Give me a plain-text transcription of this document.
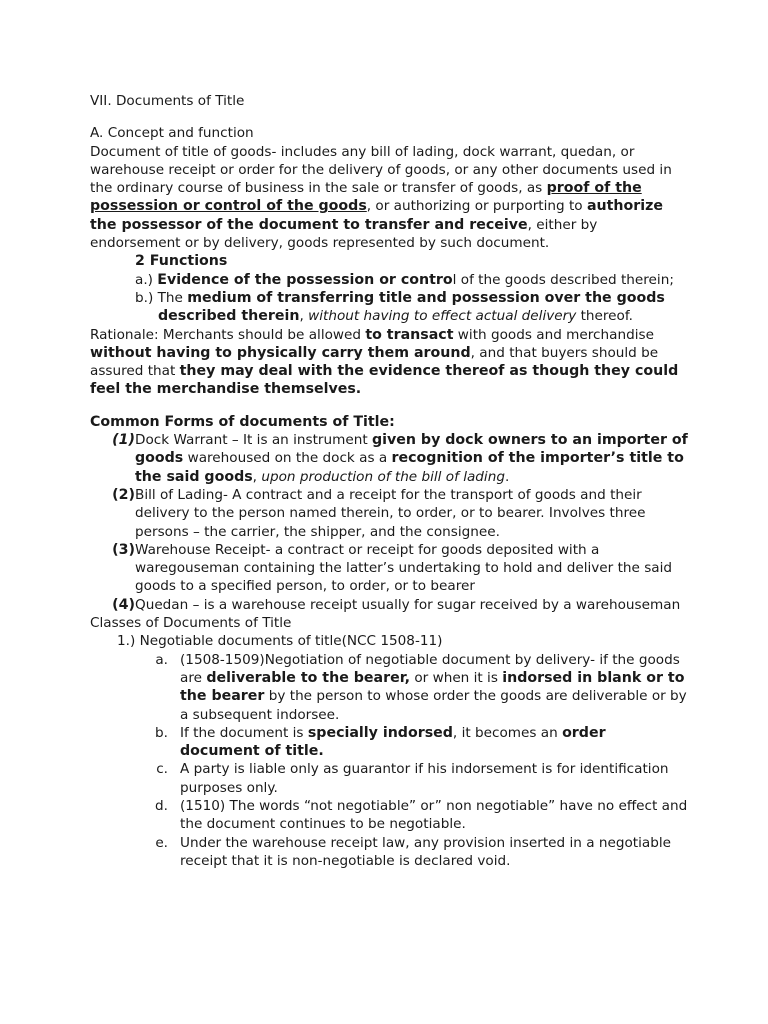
VII. Documents of Title

A. Concept and function

Document of title of goods- includes any bill of lading, dock warrant, quedan, or warehouse receipt or order for the delivery of goods, or any other documents used in the ordinary course of business in the sale or transfer of goods, as proof of the possession or control of the goods, or authorizing or purporting to authorize the possessor of the document to transfer and receive, either by endorsement or by delivery, goods represented by such document.

2 Functions

a.) Evidence of the possession or control of the goods described therein;

b.) The medium of transferring title and possession over the goods described therein, without having to effect actual delivery thereof.

Rationale: Merchants should be allowed to transact with goods and merchandise without having to physically carry them around, and that buyers should be assured that they may deal with the evidence thereof as though they could feel the merchandise themselves.

Common Forms of documents of Title:

(1) Dock Warrant – It is an instrument given by dock owners to an importer of goods warehoused on the dock as a recognition of the importer’s title to the said goods, upon production of the bill of lading.
(2) Bill of Lading- A contract and a receipt for the transport of goods and their delivery to the person named therein, to order, or to bearer. Involves three persons – the carrier, the shipper, and the consignee.
(3) Warehouse Receipt- a contract or receipt for goods deposited with a waregouseman containing the latter’s undertaking to hold and deliver the said goods to a specified person, to order, or to bearer
(4) Quedan – is a warehouse receipt usually for sugar received by a warehouseman

Classes of Documents of Title

1.) Negotiable documents of title(NCC 1508-11)

a. (1508-1509)Negotiation of negotiable document by delivery- if the goods are deliverable to the bearer, or when it is indorsed in blank or to the bearer by the person to whose order the goods are deliverable or by a subsequent indorsee.
b. If the document is specially indorsed, it becomes an order document of title.
c. A party is liable only as guarantor if his indorsement is for identification purposes only.
d. (1510) The words “not negotiable” or” non negotiable” have no effect and the document continues to be negotiable.
e. Under the warehouse receipt law, any provision inserted in a negotiable receipt that it is non-negotiable is declared void.
